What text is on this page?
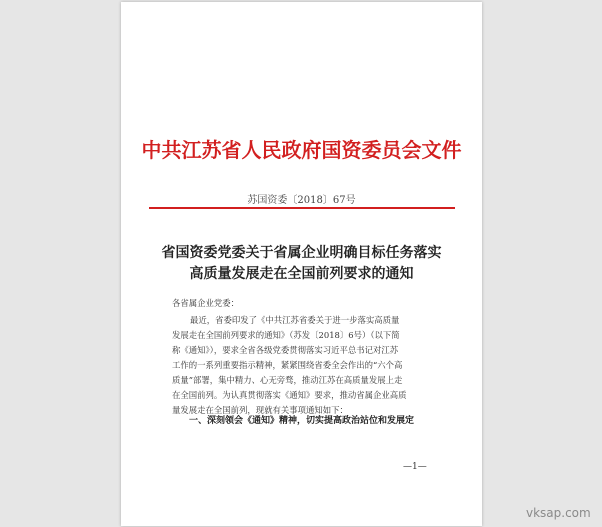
中共江苏省人民政府国资委员会文件
苏国资委〔2018〕67号
省国资委党委关于省属企业明确目标任务落实
高质量发展走在全国前列要求的通知
各省属企业党委：
最近，省委印发了《中共江苏省委关于进一步落实高质量
发展走在全国前列要求的通知》（苏发〔2018〕6号）（以下简
称《通知》），要求全省各级党委贯彻落实习近平总书记对江苏
工作的一系列重要指示精神，紧紧围绕省委全会作出的“六个高
质量”部署，集中精力、心无旁骛，推动江苏在高质量发展上走
在全国前列。为认真贯彻落实《通知》要求，推动省属企业高质
量发展走在全国前列，现就有关事项通知如下：
一、深刻领会《通知》精神，切实提高政治站位和发展定
—1—
vksap.com
